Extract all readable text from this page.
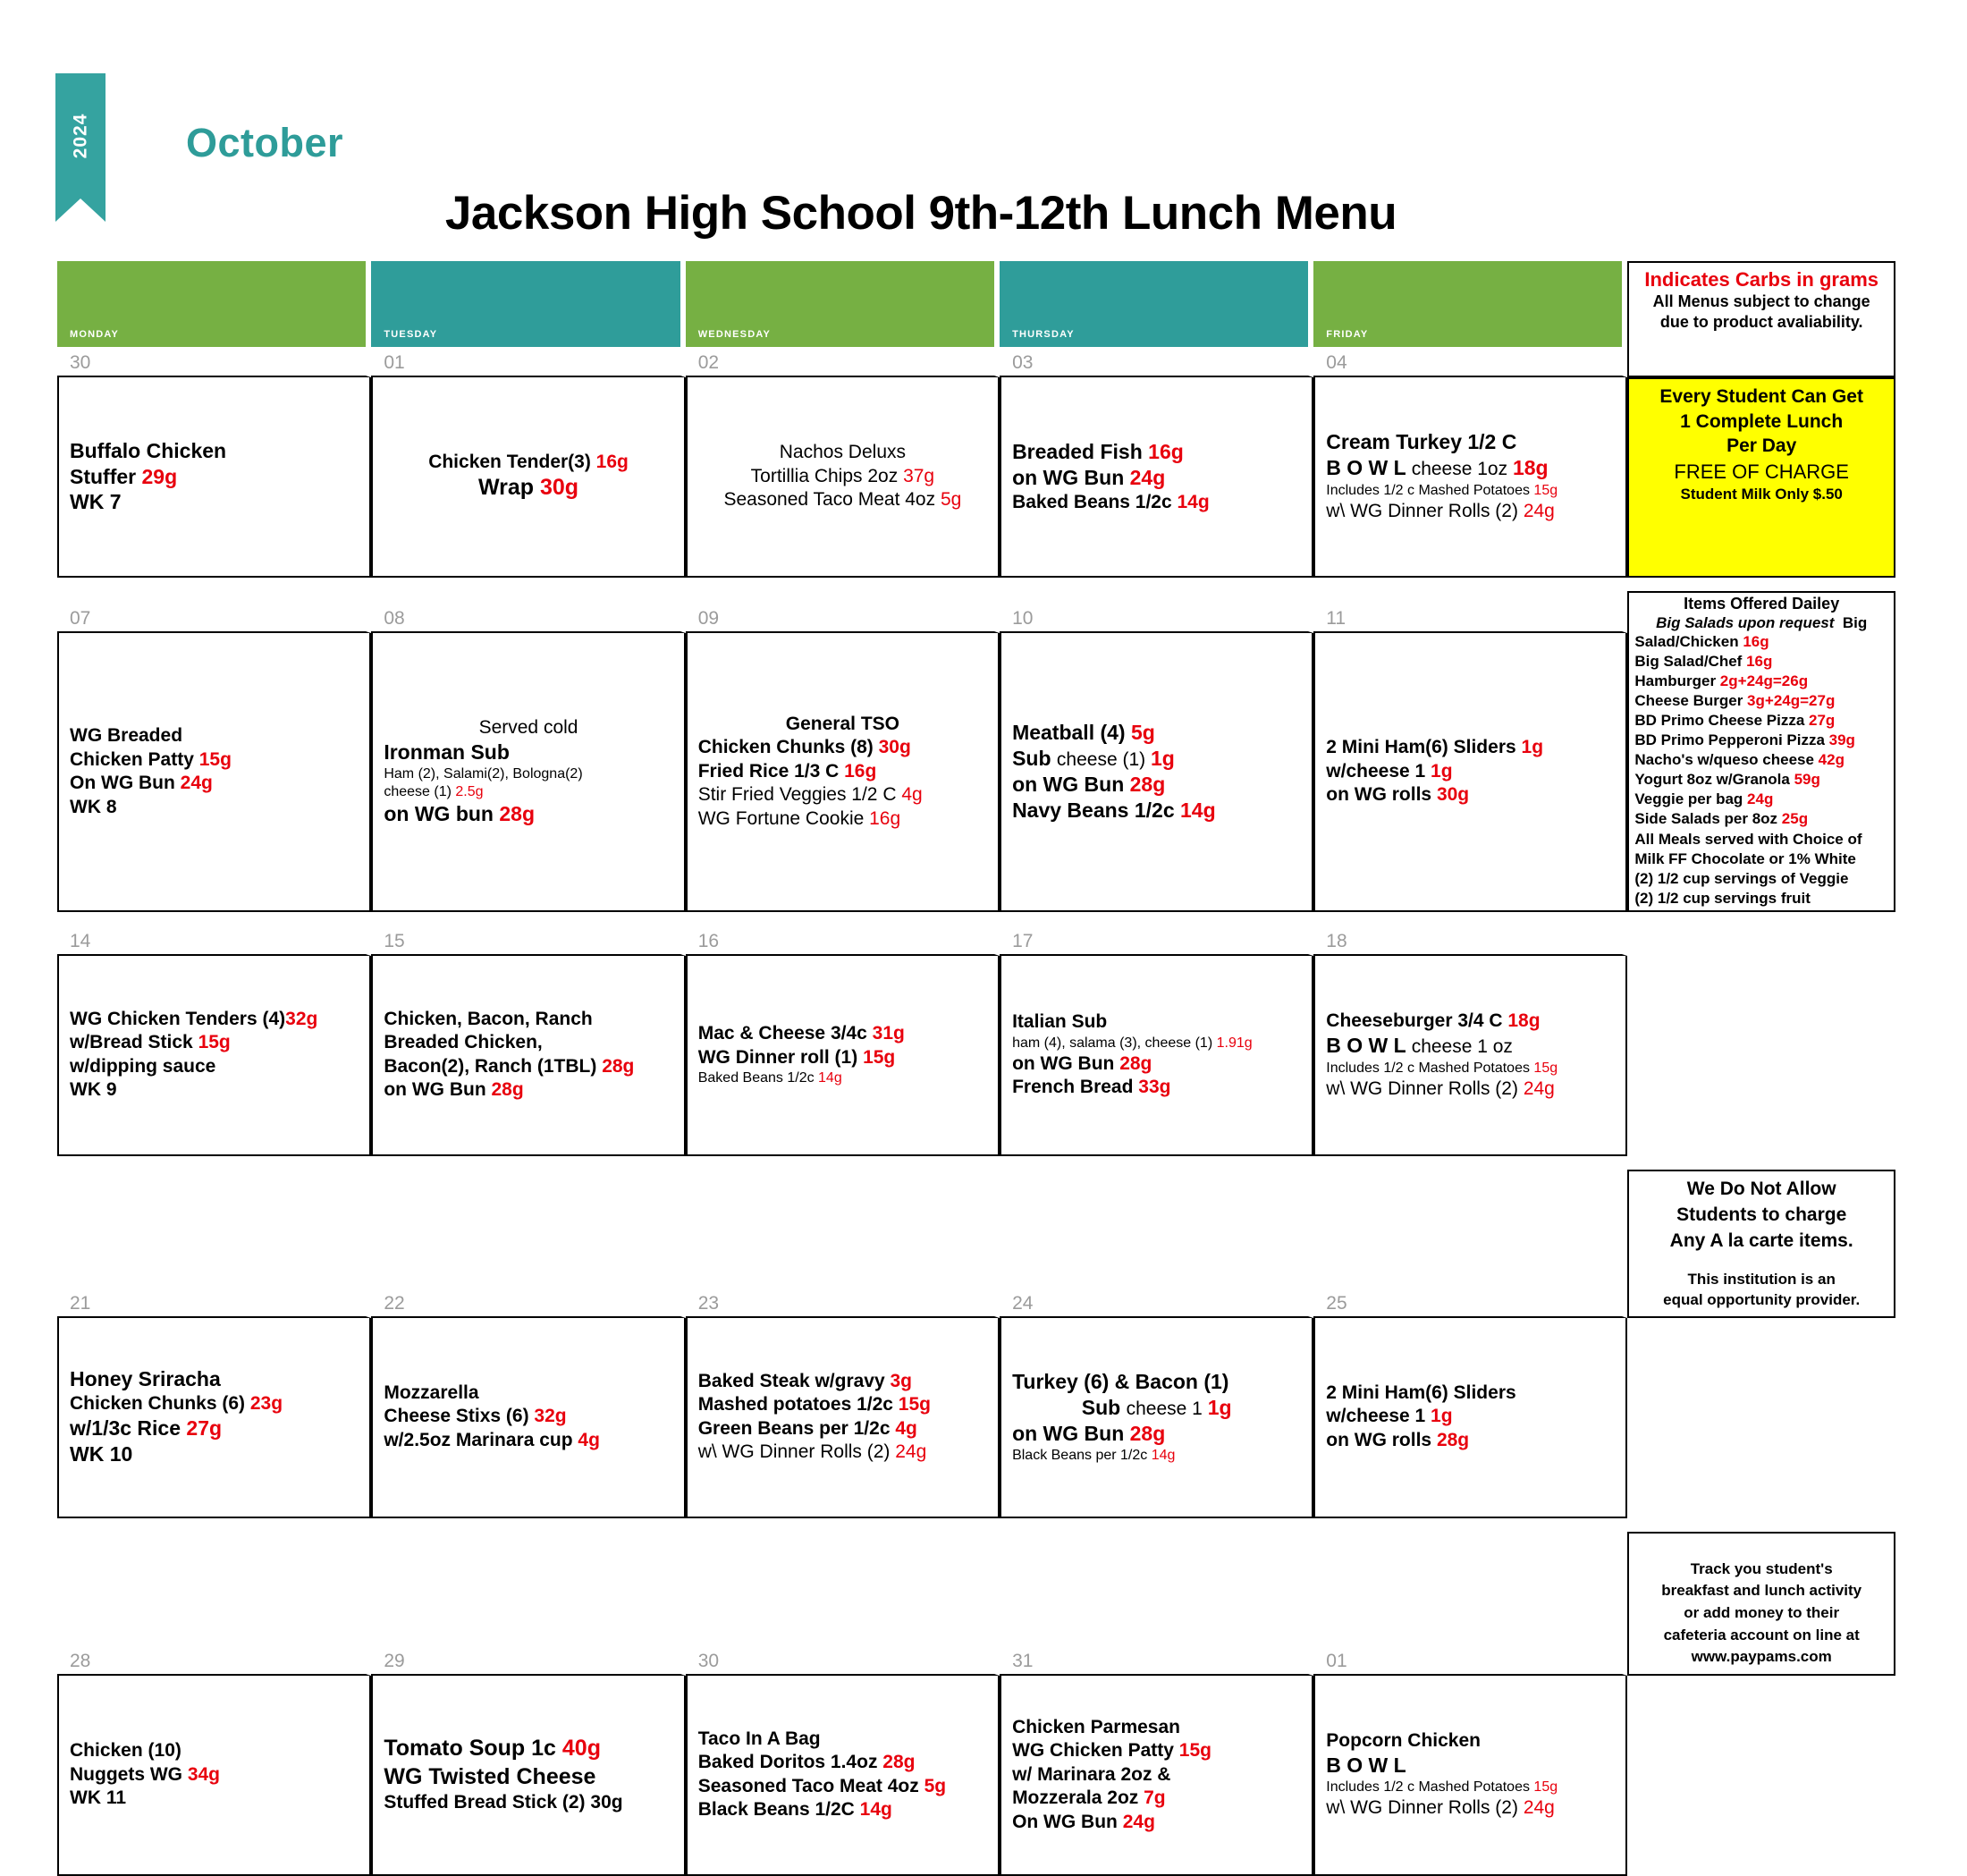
2024 October
Jackson High School 9th-12th Lunch Menu
MONDAY	TUESDAY	WEDNESDAY	THURSDAY	FRIDAY	Indicates Carbs in grams
All Menus subject to change
due to product avaliability.

30	01	02	03	04	

Buffalo Chicken
Stuffer 29g
WK 7

Chicken Tender(3) 16g
Wrap 30g

Nachos Deluxs
Tortillia Chips 2oz 37g
Seasoned Taco Meat 4oz 5g

Breaded Fish 16g
on WG Bun 24g
Baked Beans 1/2c 14g

Cream Turkey 1/2 C
B O W L cheese 1oz 18g
Includes 1/2 c Mashed Potatoes 15g
w\ WG Dinner Rolls (2) 24g

Every Student Can Get
1 Complete Lunch
Per Day
FREE OF CHARGE
Student Milk Only $.50

07	08	09	10	11	
Items Offered Dailey
Big Salads upon request  Big
Salad/Chicken 16g
Big Salad/Chef 16g
Hamburger 2g+24g=26g
Cheese Burger 3g+24g=27g
BD Primo Cheese Pizza 27g
BD Primo Pepperoni Pizza 39g
Nacho's w/queso cheese 42g
Yogurt 8oz w/Granola 59g
Veggie per bag 24g
Side Salads per 8oz 25g
All Meals served with Choice of
Milk FF Chocolate or 1% White
(2) 1/2 cup servings of Veggie
(2) 1/2 cup servings fruit

WG Breaded
Chicken Patty 15g
On WG Bun 24g
WK 8

Served cold
Ironman Sub
Ham (2), Salami(2), Bologna(2)
cheese (1) 2.5g
on WG bun 28g

General TSO
Chicken Chunks (8) 30g
Fried Rice 1/3 C 16g
Stir Fried Veggies 1/2 C 4g
WG Fortune Cookie 16g

Meatball (4) 5g
Sub cheese (1) 1g
on WG Bun 28g
Navy Beans 1/2c 14g

2 Mini Ham(6) Sliders 1g
w/cheese 1 1g
on WG rolls 30g

14	15	16	17	18	

WG Chicken Tenders (4)32g
w/Bread Stick 15g
w/dipping sauce
WK 9

Chicken, Bacon, Ranch
Breaded Chicken,
Bacon(2), Ranch (1TBL) 28g
on WG Bun 28g

Mac & Cheese 3/4c 31g
WG Dinner roll (1) 15g
Baked Beans 1/2c 14g

Italian Sub
ham (4), salama (3), cheese (1) 1.91g
on WG Bun 28g
French Bread 33g

Cheeseburger 3/4 C 18g
B O W L cheese 1 oz
Includes 1/2 c Mashed Potatoes 15g
w\ WG Dinner Rolls (2) 24g

21	22	23	24	25	We Do Not Allow
Students to charge
Any A la carte items.
This institution is an
equal opportunity provider.

Honey Sriracha
Chicken Chunks (6) 23g
w/1/3c Rice 27g
WK 10

Mozzarella
Cheese Stixs (6) 32g
w/2.5oz Marinara cup 4g

Baked Steak w/gravy 3g
Mashed potatoes 1/2c 15g
Green Beans per 1/2c 4g
w\ WG Dinner Rolls (2) 24g

Turkey (6) & Bacon (1)
Sub cheese 1 1g
on WG Bun 28g
Black Beans per 1/2c 14g

2 Mini Ham(6) Sliders
w/cheese 1 1g
on WG rolls 28g

28	29	30	31	01	Track you student's
breakfast and lunch activity
or add money to their
cafeteria account on line at
www.paypams.com

Chicken (10)
Nuggets WG 34g
WK 11

Tomato Soup 1c 40g
WG Twisted Cheese
Stuffed Bread Stick (2) 30g

Taco In A Bag
Baked Doritos 1.4oz 28g
Seasoned Taco Meat 4oz 5g
Black Beans 1/2C 14g

Chicken Parmesan
WG Chicken Patty 15g
w/ Marinara 2oz &
Mozzerala 2oz 7g
On WG Bun 24g

Popcorn Chicken
B O W L
Includes 1/2 c Mashed Potatoes 15g
w\ WG Dinner Rolls (2) 24g
